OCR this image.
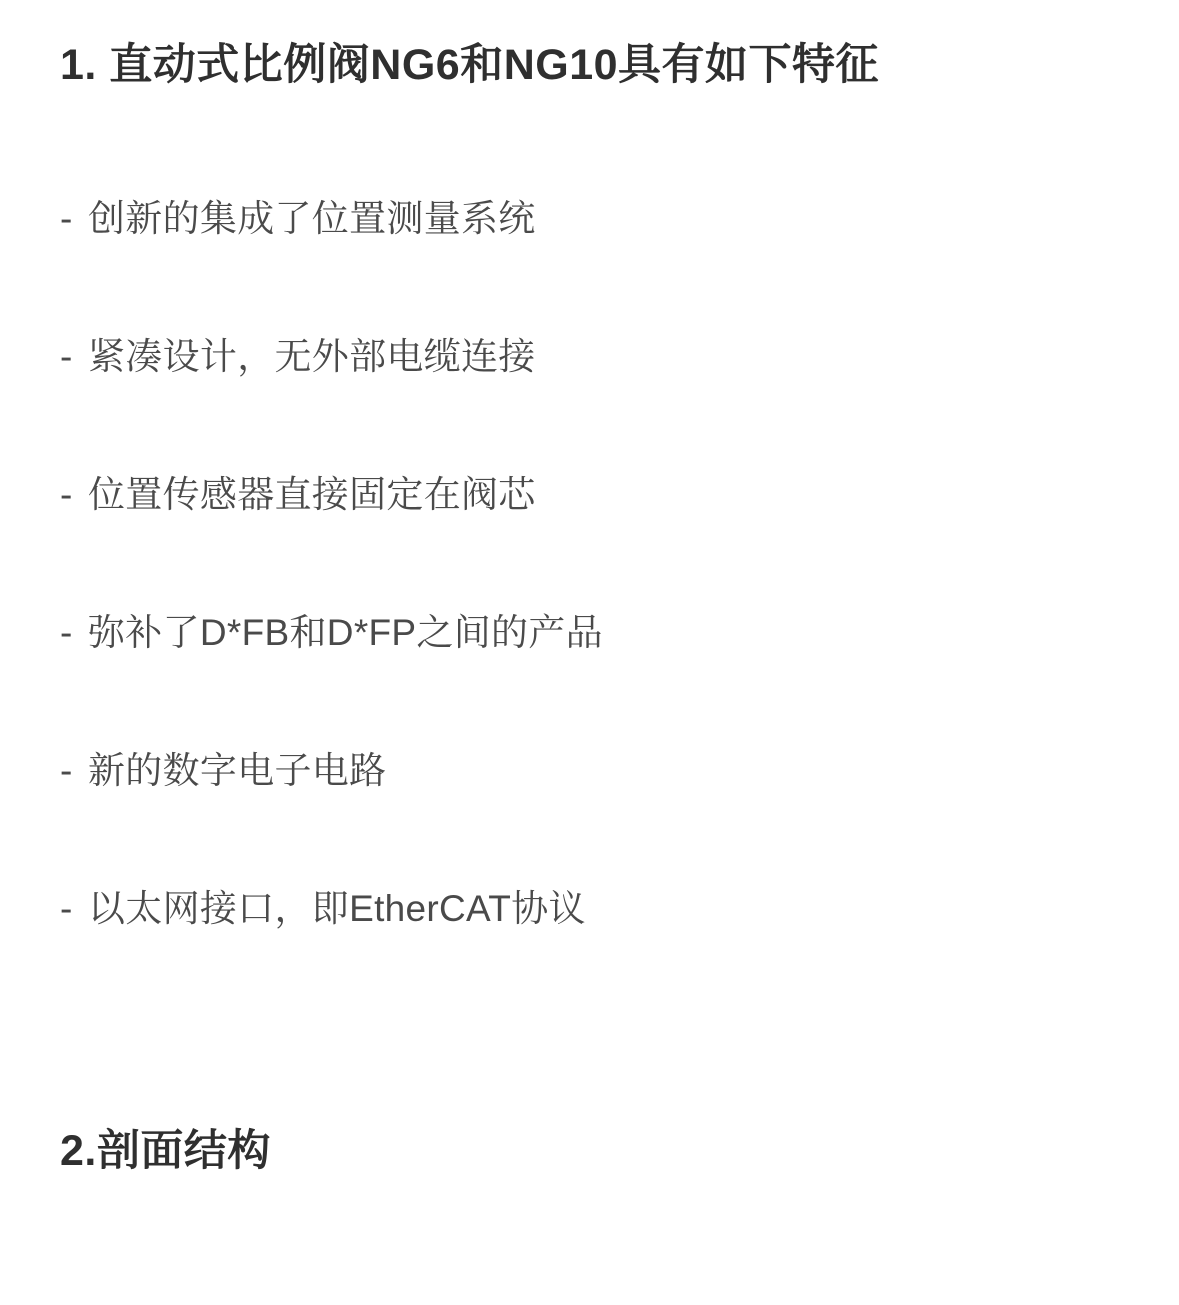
1. 直动式比例阀NG6和NG10具有如下特征
- 创新的集成了位置测量系统
- 紧凑设计，无外部电缆连接
- 位置传感器直接固定在阀芯
- 弥补了D*FB和D*FP之间的产品
- 新的数字电子电路
- 以太网接口，即EtherCAT协议
2.剖面结构
